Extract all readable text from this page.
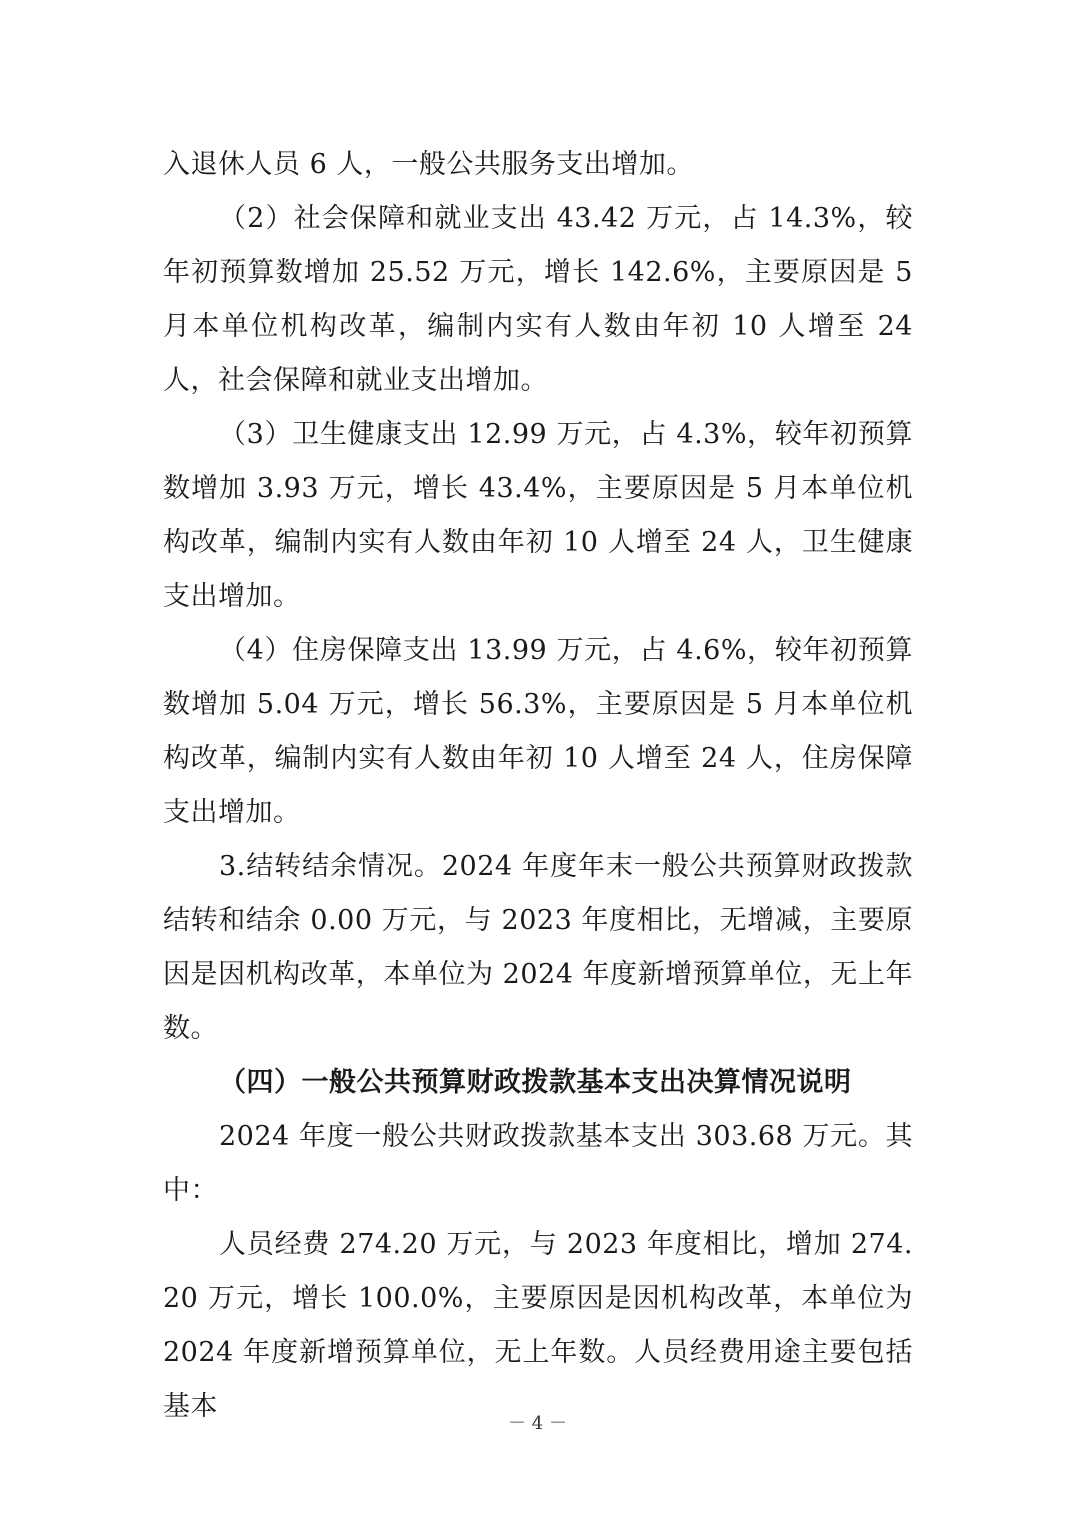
入退休人员 6 人，一般公共服务支出增加。

（2）社会保障和就业支出 43.42 万元，占 14.3%，较年初预算数增加 25.52 万元，增长 142.6%，主要原因是 5 月本单位机构改革，编制内实有人数由年初 10 人增至 24 人，社会保障和就业支出增加。

（3）卫生健康支出 12.99 万元，占 4.3%，较年初预算数增加 3.93 万元，增长 43.4%，主要原因是 5 月本单位机构改革，编制内实有人数由年初 10 人增至 24 人，卫生健康支出增加。

（4）住房保障支出 13.99 万元，占 4.6%，较年初预算数增加 5.04 万元，增长 56.3%，主要原因是 5 月本单位机构改革，编制内实有人数由年初 10 人增至 24 人，住房保障支出增加。

3.结转结余情况。2024 年度年末一般公共预算财政拨款结转和结余 0.00 万元，与 2023 年度相比，无增减，主要原因是因机构改革，本单位为 2024 年度新增预算单位，无上年数。

（四）一般公共预算财政拨款基本支出决算情况说明

2024 年度一般公共财政拨款基本支出 303.68 万元。其中：

人员经费 274.20 万元，与 2023 年度相比，增加 274.20 万元，增长 100.0%，主要原因是因机构改革，本单位为 2024 年度新增预算单位，无上年数。人员经费用途主要包括基本

－ 4 －
